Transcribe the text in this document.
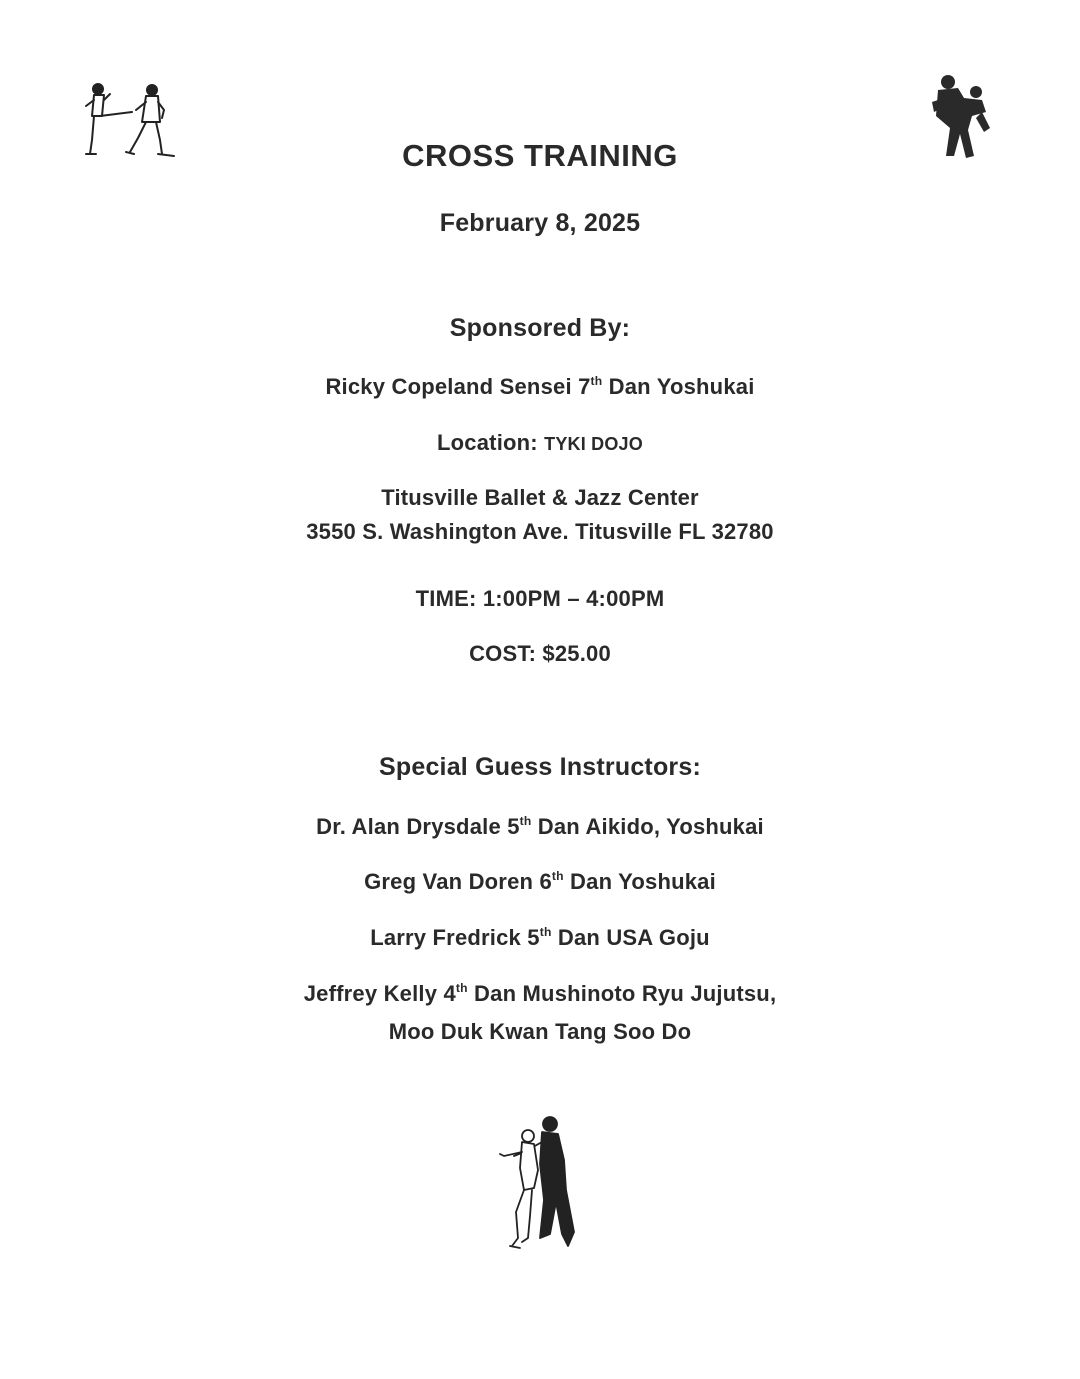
CROSS TRAINING
February 8, 2025
Sponsored By:
Ricky Copeland Sensei 7th Dan Yoshukai
Location: TYKI DOJO
Titusville Ballet & Jazz Center
3550 S. Washington Ave. Titusville FL 32780
TIME: 1:00PM – 4:00PM
COST: $25.00
Special Guess Instructors:
Dr. Alan Drysdale 5th Dan Aikido, Yoshukai
Greg Van Doren 6th Dan Yoshukai
Larry Fredrick 5th Dan USA Goju
Jeffrey Kelly 4th Dan Mushinoto Ryu Jujutsu,
Moo Duk Kwan Tang Soo Do
